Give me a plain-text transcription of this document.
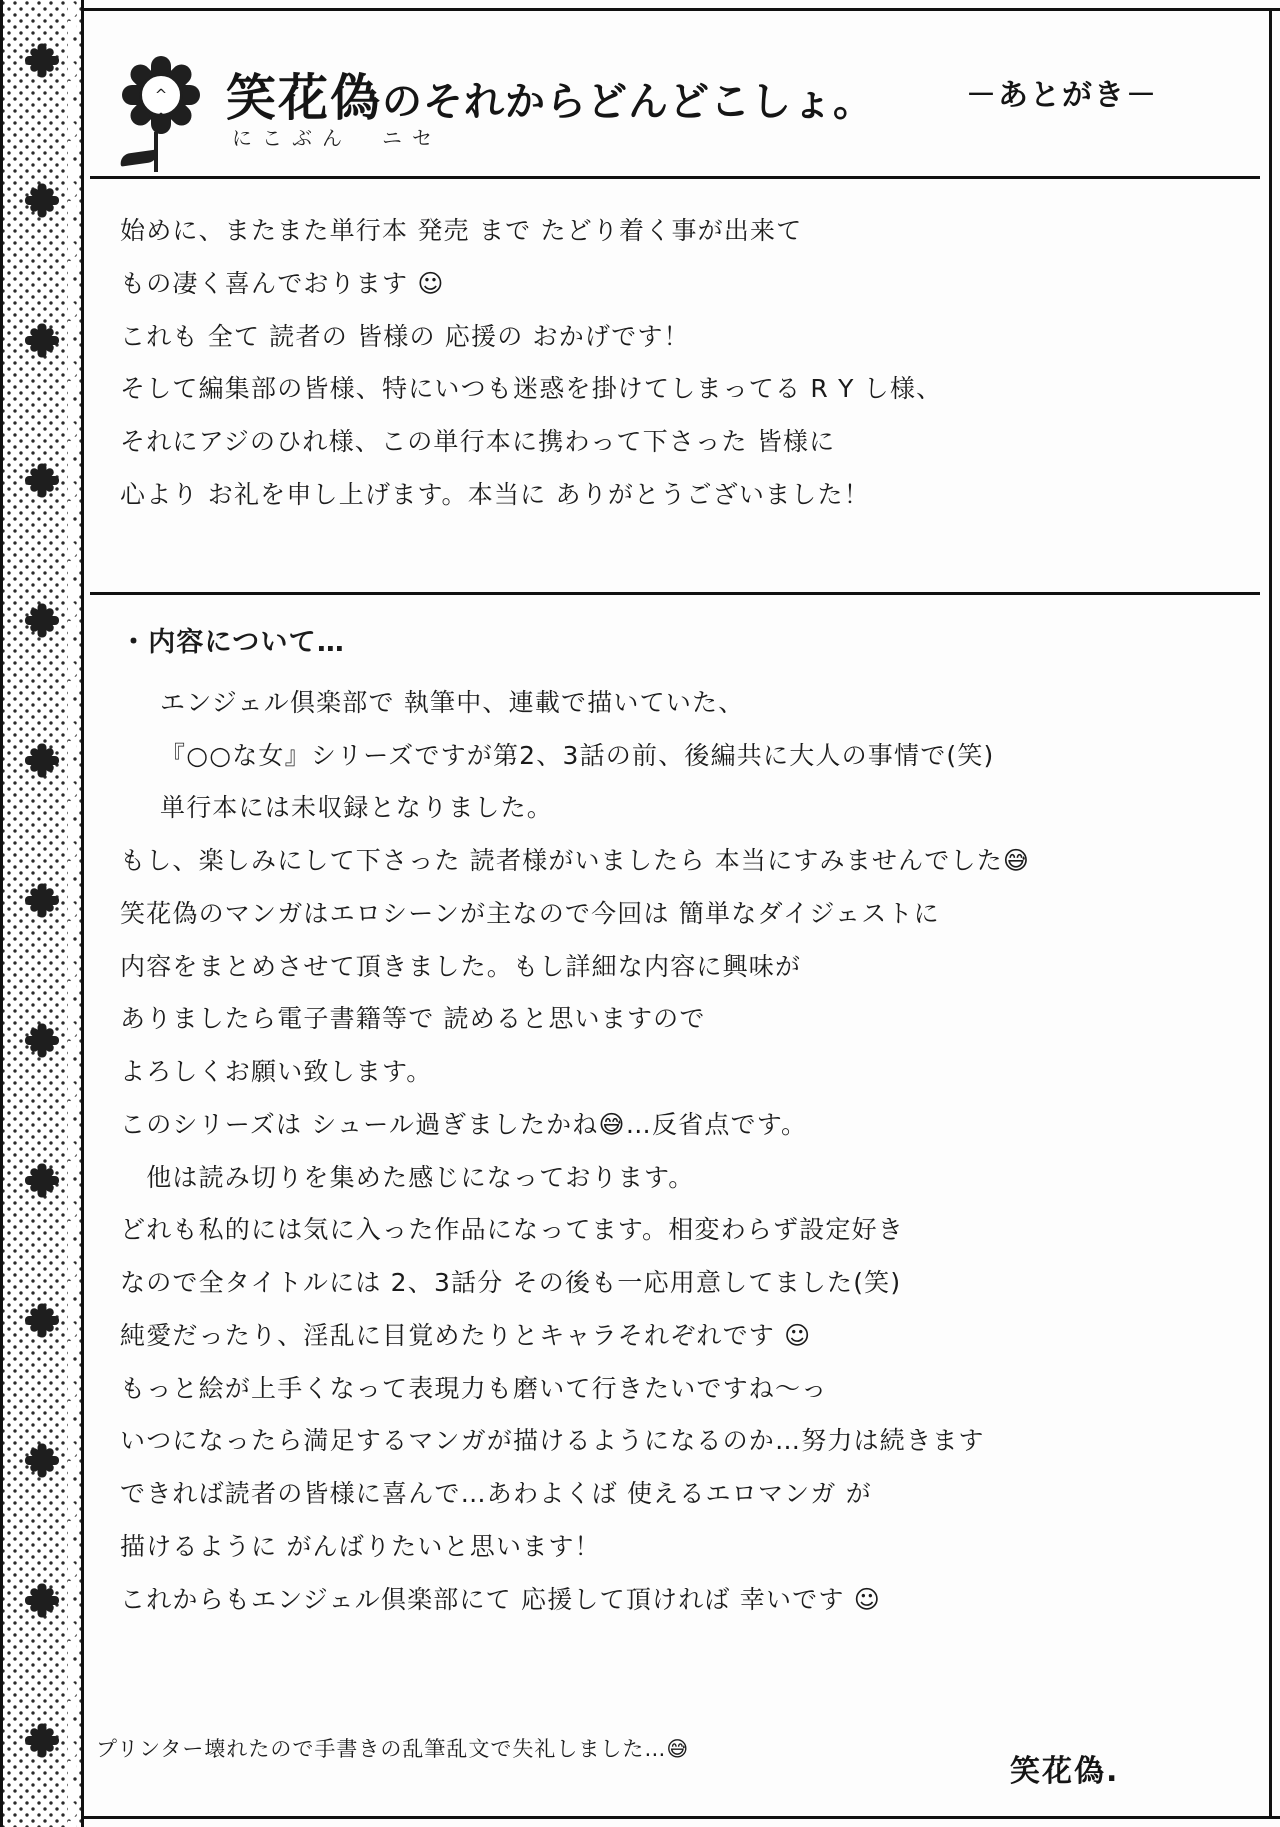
^ ^ 笑花偽のそれからどんどこしょ。
にこぶん　ニセ
－あとがき－

始めに、またまた単行本 発売 まで たどり着く事が出来て

もの凄く喜んでおります ☺

これも 全て 読者の 皆様の 応援の おかげです！

そして編集部の皆様、特にいつも迷惑を掛けてしまってる R Y し様、

それにアジのひれ様、この単行本に携わって下さった 皆様に

心より お礼を申し上げます。本当に ありがとうございました！

・内容について…

エンジェル倶楽部で 執筆中、連載で描いていた、

『○○な女』シリーズですが第2、3話の前、後編共に大人の事情で(笑)

単行本には未収録となりました。

もし、楽しみにして下さった 読者様がいましたら 本当にすみませんでした😅

笑花偽のマンガはエロシーンが主なので今回は 簡単なダイジェストに

内容をまとめさせて頂きました。もし詳細な内容に興味が

ありましたら電子書籍等で 読めると思いますので

よろしくお願い致します。

このシリーズは シュール過ぎましたかね😅…反省点です。

　他は読み切りを集めた感じになっております。

どれも私的には気に入った作品になってます。相変わらず設定好き

なので全タイトルには 2、3話分 その後も一応用意してました(笑)

純愛だったり、淫乱に目覚めたりとキャラそれぞれです ☺

もっと絵が上手くなって表現力も磨いて行きたいですね～っ

いつになったら満足するマンガが描けるようになるのか…努力は続きます

できれば読者の皆様に喜んで…あわよくば 使えるエロマンガ が

描けるように がんばりたいと思います！

これからもエンジェル倶楽部にて 応援して頂ければ 幸いです ☺

プリンター壊れたので手書きの乱筆乱文で失礼しました…😅
笑花偽.
